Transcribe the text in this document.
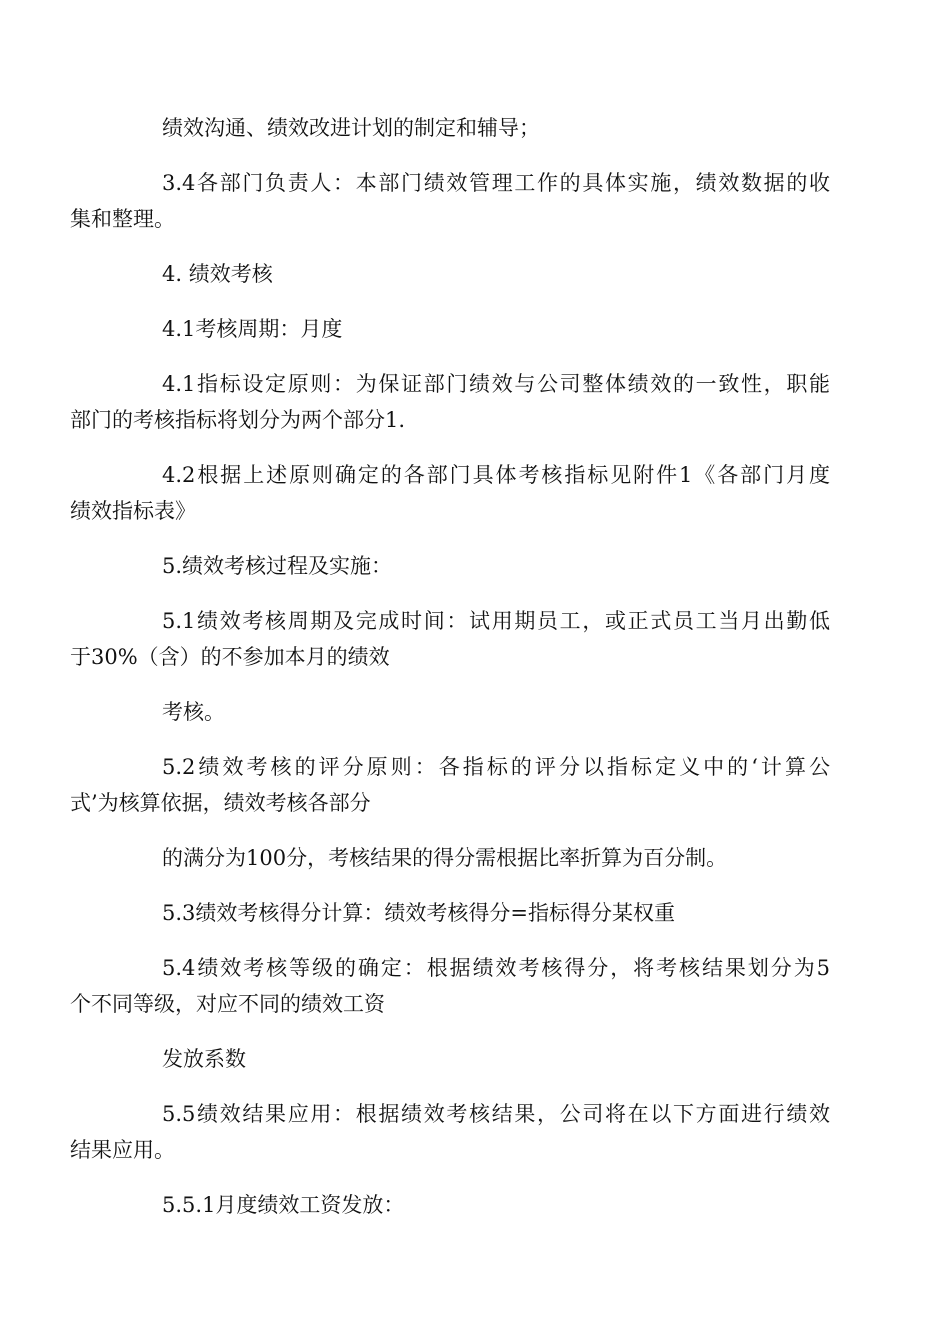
绩效沟通、绩效改进计划的制定和辅导；

3.4各部门负责人：本部门绩效管理工作的具体实施，绩效数据的收
集和整理。

4. 绩效考核

4.1考核周期：月度

4.1指标设定原则：为保证部门绩效与公司整体绩效的一致性，职能
部门的考核指标将划分为两个部分1.

4.2根据上述原则确定的各部门具体考核指标见附件1《各部门月度
绩效指标表》

5.绩效考核过程及实施：

5.1绩效考核周期及完成时间：试用期员工，或正式员工当月出勤低
于30%（含）的不参加本月的绩效

考核。

5.2绩效考核的评分原则：各指标的评分以指标定义中的‘计算公
式’为核算依据，绩效考核各部分

的满分为100分，考核结果的得分需根据比率折算为百分制。

5.3绩效考核得分计算：绩效考核得分=指标得分某权重

5.4绩效考核等级的确定：根据绩效考核得分，将考核结果划分为5
个不同等级，对应不同的绩效工资

发放系数

5.5绩效结果应用：根据绩效考核结果，公司将在以下方面进行绩效
结果应用。

5.5.1月度绩效工资发放：
